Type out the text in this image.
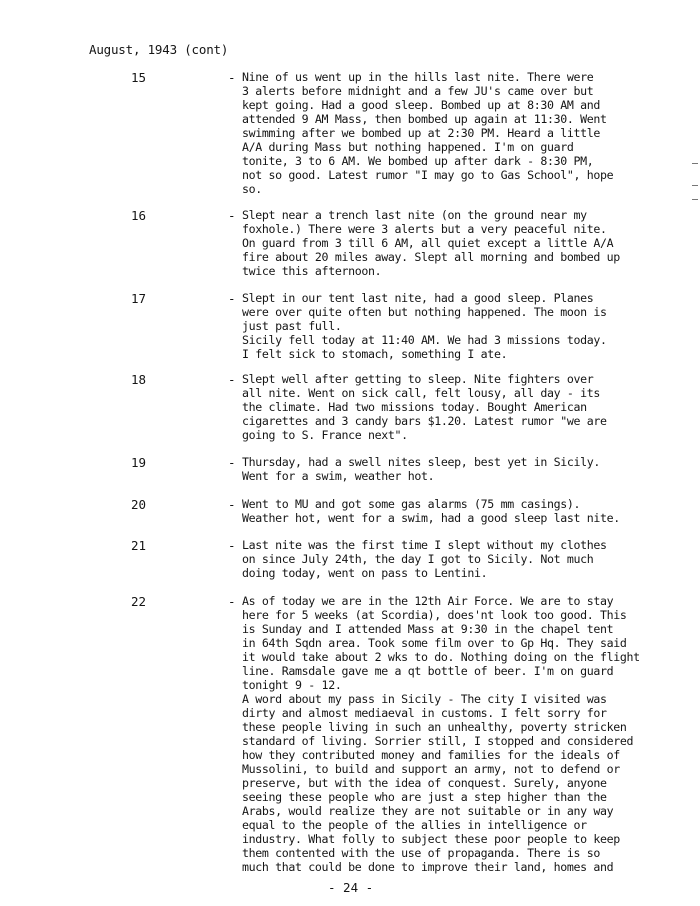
August, 1943 (cont)
15	- Nine of us went up in the hills last nite. There were
3 alerts before midnight and a few JU's came over but
kept going. Had a good sleep. Bombed up at 8:30 AM and
attended 9 AM Mass, then bombed up again at 11:30. Went
swimming after we bombed up at 2:30 PM. Heard a little
A/A during Mass but nothing happened. I'm on guard
tonite, 3 to 6 AM. We bombed up after dark - 8:30 PM,
not so good. Latest rumor "I may go to Gas School", hope
so.
16	- Slept near a trench last nite (on the ground near my
foxhole.) There were 3 alerts but a very peaceful nite.
On guard from 3 till 6 AM, all quiet except a little A/A
fire about 20 miles away. Slept all morning and bombed up
twice this afternoon.
17	- Slept in our tent last nite, had a good sleep. Planes
were over quite often but nothing happened. The moon is
just past full.
Sicily fell today at 11:40 AM. We had 3 missions today.
I felt sick to stomach, something I ate.
18	- Slept well after getting to sleep. Nite fighters over
all nite. Went on sick call, felt lousy, all day - its
the climate. Had two missions today. Bought American
cigarettes and 3 candy bars $1.20. Latest rumor "we are
going to S. France next".
19	- Thursday, had a swell nites sleep, best yet in Sicily.
Went for a swim, weather hot.
20	- Went to MU and got some gas alarms (75 mm casings).
Weather hot, went for a swim, had a good sleep last nite.
21	- Last nite was the first time I slept without my clothes
on since July 24th, the day I got to Sicily. Not much
doing today, went on pass to Lentini.
22	- As of today we are in the 12th Air Force. We are to stay
here for 5 weeks (at Scordia), does'nt look too good. This
is Sunday and I attended Mass at 9:30 in the chapel tent
in 64th Sqdn area. Took some film over to Gp Hq. They said
it would take about 2 wks to do. Nothing doing on the flight
line. Ramsdale gave me a qt bottle of beer. I'm on guard
tonight 9 - 12.
A word about my pass in Sicily - The city I visited was
dirty and almost mediaeval in customs. I felt sorry for
these people living in such an unhealthy, poverty stricken
standard of living. Sorrier still, I stopped and considered
how they contributed money and families for the ideals of
Mussolini, to build and support an army, not to defend or
preserve, but with the idea of conquest. Surely, anyone
seeing these people who are just a step higher than the
Arabs, would realize they are not suitable or in any way
equal to the people of the allies in intelligence or
industry. What folly to subject these poor people to keep
them contented with the use of propaganda. There is so
much that could be done to improve their land, homes and
- 24 -
